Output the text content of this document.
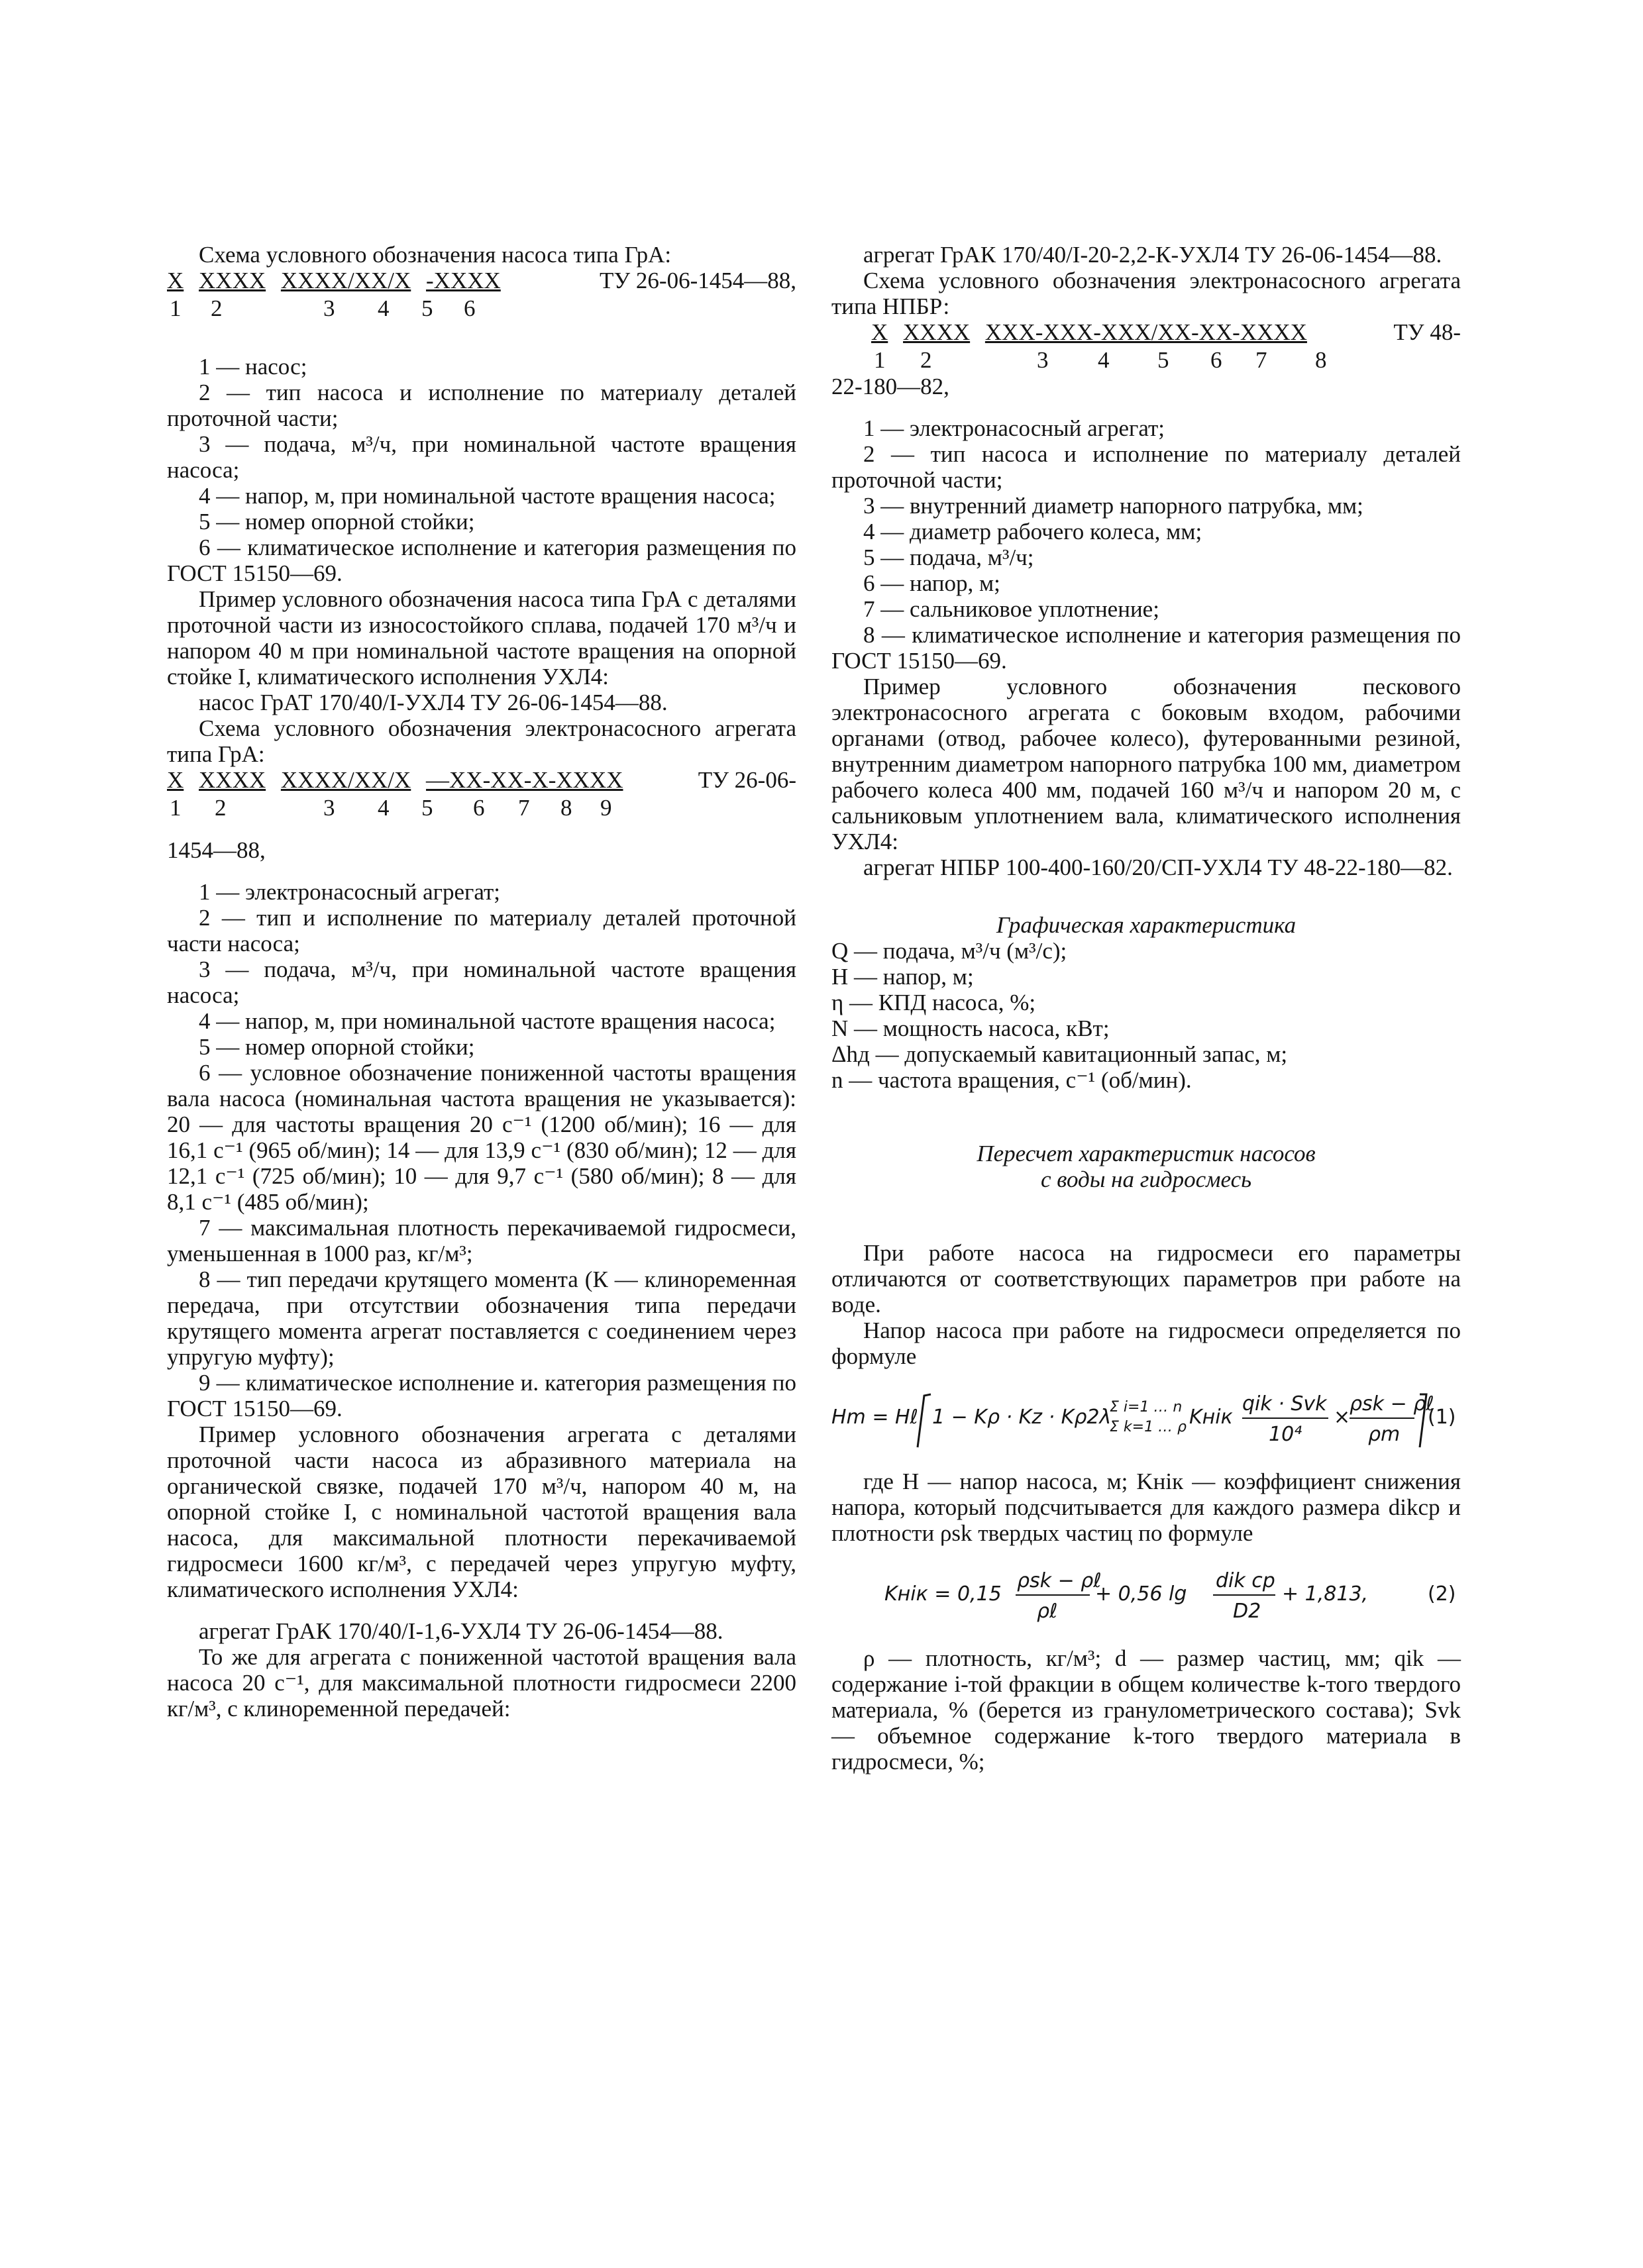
Схема условного обозначения насоса типа ГрА:

Х ХХХХ ХХХХ/ХХ/Х -ХХХХ
1 2	3 4 5 6
ТУ 26-06-1454—88,

1 — насос;

2 — тип насоса и исполнение по материалу деталей проточной части;

3 — подача, м³/ч, при номинальной частоте вращения насоса;

4 — напор, м, при номинальной частоте вращения насоса;

5 — номер опорной стойки;

6 — климатическое исполнение и категория размещения по ГОСТ 15150—69.

Пример условного обозначения насоса типа ГрА с деталями проточной части из износостойкого сплава, подачей 170 м³/ч и напором 40 м при номинальной частоте вращения на опорной стойке I, климатического исполнения УХЛ4:

насос ГрАТ 170/40/I-УХЛ4 ТУ 26-06-1454—88.

Схема условного обозначения электронасосного агрегата типа ГрА:

Х ХХХХ ХХХХ/ХХ/Х —ХХ-ХХ-Х-ХХХХ
1 2	3 4 5 6 7 8 9
ТУ 26-06-

1454—88,

1 — электронасосный агрегат;

2 — тип и исполнение по материалу деталей проточной части насоса;

3 — подача, м³/ч, при номинальной частоте вращения насоса;

4 — напор, м, при номинальной частоте вращения насоса;

5 — номер опорной стойки;

6 — условное обозначение пониженной частоты вращения вала насоса (номинальная частота вращения не указывается): 20 — для частоты вращения 20 с⁻¹ (1200 об/мин); 16 — для 16,1 с⁻¹ (965 об/мин); 14 — для 13,9 с⁻¹ (830 об/мин); 12 — для 12,1 с⁻¹ (725 об/мин); 10 — для 9,7 с⁻¹ (580 об/мин); 8 — для 8,1 с⁻¹ (485 об/мин);

7 — максимальная плотность перекачиваемой гидросмеси, уменьшенная в 1000 раз, кг/м³;

8 — тип передачи крутящего момента (К — клиноременная передача, при отсутствии обозначения типа передачи крутящего момента агрегат поставляется с соединением через упругую муфту);

9 — климатическое исполнение и. категория размещения по ГОСТ 15150—69.

Пример условного обозначения агрегата с деталями проточной части насоса из абразивного материала на органической связке, подачей 170 м³/ч, напором 40 м, на опорной стойке I, с номинальной частотой вращения вала насоса, для максимальной плотности перекачиваемой гидросмеси 1600 кг/м³, с передачей через упругую муфту, климатического исполнения УХЛ4:

агрегат ГрАК 170/40/I-1,6-УХЛ4 ТУ 26-06-1454—88.

То же для агрегата с пониженной частотой вращения вала насоса 20 с⁻¹, для максимальной плотности гидросмеси 2200 кг/м³, с клиноременной передачей:

агрегат ГрАК 170/40/I-20-2,2-К-УХЛ4 ТУ 26-06-1454—88.

Схема условного обозначения электронасосного агрегата типа НПБР:

Х ХХХХ ХХХ-ХХХ-ХХХ/ХХ-ХХ-ХХХХ
1 2	3 4 5 6 7 8
ТУ 48-

22-180—82,

1 — электронасосный агрегат;

2 — тип насоса и исполнение по материалу деталей проточной части;

3 — внутренний диаметр напорного патрубка, мм;

4 — диаметр рабочего колеса, мм;

5 — подача, м³/ч;

6 — напор, м;

7 — сальниковое уплотнение;

8 — климатическое исполнение и категория размещения по ГОСТ 15150—69.

Пример условного обозначения пескового электронасосного агрегата с боковым входом, рабочими органами (отвод, рабочее колесо), футерованными резиной, внутренним диаметром напорного патрубка 100 мм, диаметром рабочего колеса 400 мм, подачей 160 м³/ч и напором 20 м, с сальниковым уплотнением вала, климатического исполнения УХЛ4:

агрегат НПБР 100-400-160/20/СП-УХЛ4 ТУ 48-22-180—82.

Графическая характеристика

Q — подача, м³/ч (м³/с);

H — напор, м;

η — КПД насоса, %;

N — мощность насоса, кВт;

Δhд — допускаемый кавитационный запас, м;

n — частота вращения, с⁻¹ (об/мин).

Пересчет характеристик насосов

с воды на гидросмесь

При работе насоса на гидросмеси его параметры отличаются от соответствующих параметров при работе на воде.

Напор насоса при работе на гидросмеси определяется по формуле

Hm = Hℓ 1 − Kρ · Kz · Kρ2λ
Σ k=1 … ρ
Σ i=1 … n Kнiк
qik · Svk
10⁴
×
ρsk − ρℓ
ρm
(1)

где H — напор насоса, м; Kнiк — коэффициент снижения напора, который подсчитывается для каждого размера dikср и плотности ρsk твердых частиц по формуле

Kнiк = 0,15
ρsk − ρℓ
ρℓ
+ 0,56 lg
dik ср
D2
+ 1,813,	(2)

ρ — плотность, кг/м³; d — размер частиц, мм; qik — содержание i-той фракции в общем количестве k-того твердого материала, % (берется из гранулометрического состава); Svk — объемное содержание k-того твердого материала в гидросмеси, %;
